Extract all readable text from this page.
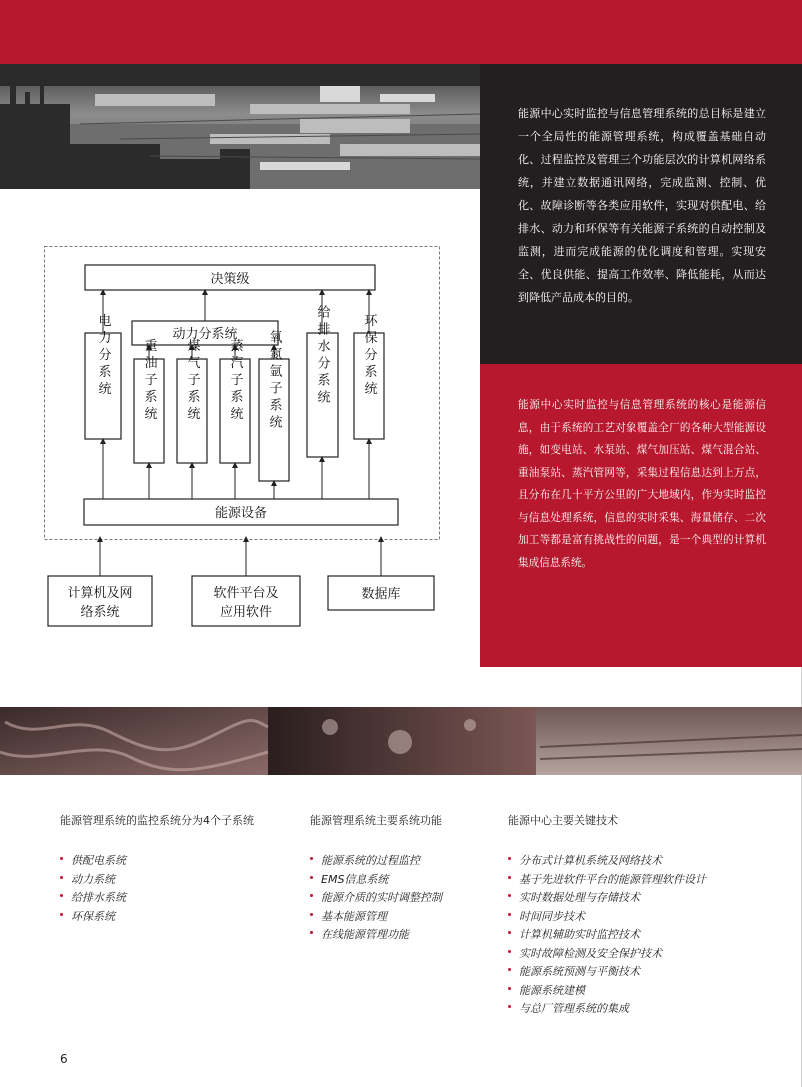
能源中心实时监控与信息管理系统的总目标是建立一个全局性的能源管理系统，构成覆盖基础自动化、过程监控及管理三个功能层次的计算机网络系统，并建立数据通讯网络，完成监测、控制、优化、故障诊断等各类应用软件，实现对供配电、给排水、动力和环保等有关能源子系统的自动控制及监测，进而完成能源的优化调度和管理。实现安全、优良供能、提高工作效率、降低能耗，从而达到降低产品成本的目的。

能源中心实时监控与信息管理系统的核心是能源信息，由于系统的工艺对象覆盖全厂的各种大型能源设施，如变电站、水泵站、煤气加压站、煤气混合站、重油泵站、蒸汽管网等，采集过程信息达到上万点，且分布在几十平方公里的广大地域内，作为实时监控与信息处理系统，信息的实时采集、海量储存、二次加工等都是富有挑战性的问题，是一个典型的计算机集成信息系统。

决策级
动力分系统
能源设备
电力分系统 重油子系统 煤气子系统 蒸汽子系统 氧氮氩子系统	给排水分系统 环保分系统
计算机及网
络系统
软件平台及
应用软件
数据库
能源管理系统的监控系统分为4个子系统
供配电系统
动力系统
给排水系统
环保系统
能源管理系统主要系统功能
能源系统的过程监控
EMS信息系统
能源介质的实时调整控制
基本能源管理
在线能源管理功能
能源中心主要关键技术
分布式计算机系统及网络技术
基于先进软件平台的能源管理软件设计
实时数据处理与存储技术
时间同步技术
计算机辅助实时监控技术
实时故障检测及安全保护技术
能源系统预测与平衡技术
能源系统建模
与总厂管理系统的集成
6
